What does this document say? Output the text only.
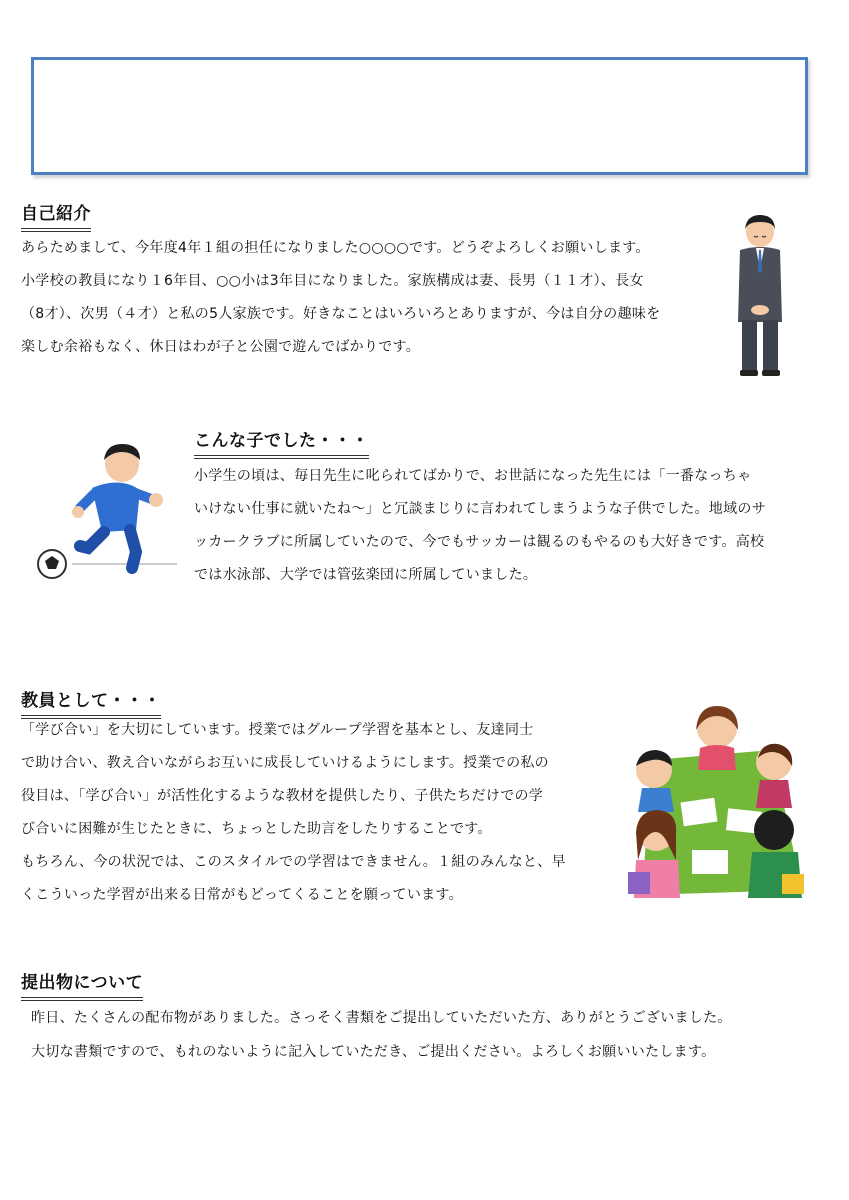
自己紹介

あらためまして、今年度4年１組の担任になりました○○○○です。どうぞよろしくお願いします。
小学校の教員になり１6年目、○○小は3年目になりました。家族構成は妻、長男（１１才）、長女
（8才）、次男（４才）と私の5人家族です。好きなことはいろいろとありますが、今は自分の趣味を
楽しむ余裕もなく、休日はわが子と公園で遊んでばかりです。

こんな子でした・・・

小学生の頃は、毎日先生に叱られてばかりで、お世話になった先生には「一番なっちゃ
いけない仕事に就いたね～」と冗談まじりに言われてしまうような子供でした。地域のサ
ッカークラブに所属していたので、今でもサッカーは観るのもやるのも大好きです。高校
では水泳部、大学では管弦楽団に所属していました。

教員として・・・

「学び合い」を大切にしています。授業ではグループ学習を基本とし、友達同士
で助け合い、教え合いながらお互いに成長していけるようにします。授業での私の
役目は、「学び合い」が活性化するような教材を提供したり、子供たちだけでの学
び合いに困難が生じたときに、ちょっとした助言をしたりすることです。
もちろん、今の状況では、このスタイルでの学習はできません。１組のみんなと、早
くこういった学習が出来る日常がもどってくることを願っています。

提出物について

昨日、たくさんの配布物がありました。さっそく書類をご提出していただいた方、ありがとうございました。

大切な書類ですので、もれのないように記入していただき、ご提出ください。よろしくお願いいたします。
